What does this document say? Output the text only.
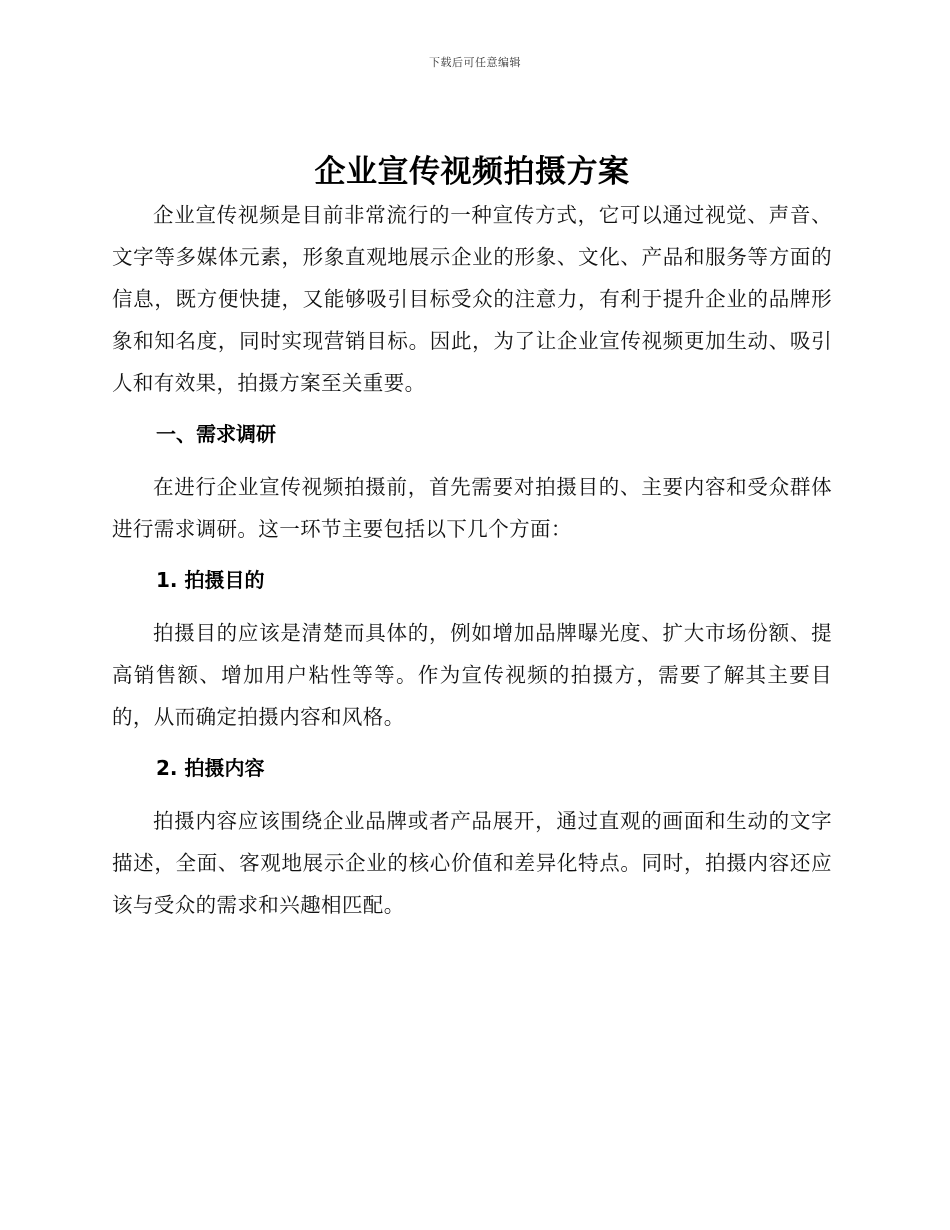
下载后可任意编辑
企业宣传视频拍摄方案

企业宣传视频是目前非常流行的一种宣传方式，它可以通过视觉、声音、文字等多媒体元素，形象直观地展示企业的形象、文化、产品和服务等方面的信息，既方便快捷，又能够吸引目标受众的注意力，有利于提升企业的品牌形象和知名度，同时实现营销目标。因此，为了让企业宣传视频更加生动、吸引人和有效果，拍摄方案至关重要。

一、需求调研

在进行企业宣传视频拍摄前，首先需要对拍摄目的、主要内容和受众群体进行需求调研。这一环节主要包括以下几个方面：

1. 拍摄目的

拍摄目的应该是清楚而具体的，例如增加品牌曝光度、扩大市场份额、提高销售额、增加用户粘性等等。作为宣传视频的拍摄方，需要了解其主要目的，从而确定拍摄内容和风格。

2. 拍摄内容

拍摄内容应该围绕企业品牌或者产品展开，通过直观的画面和生动的文字描述，全面、客观地展示企业的核心价值和差异化特点。同时，拍摄内容还应该与受众的需求和兴趣相匹配。
